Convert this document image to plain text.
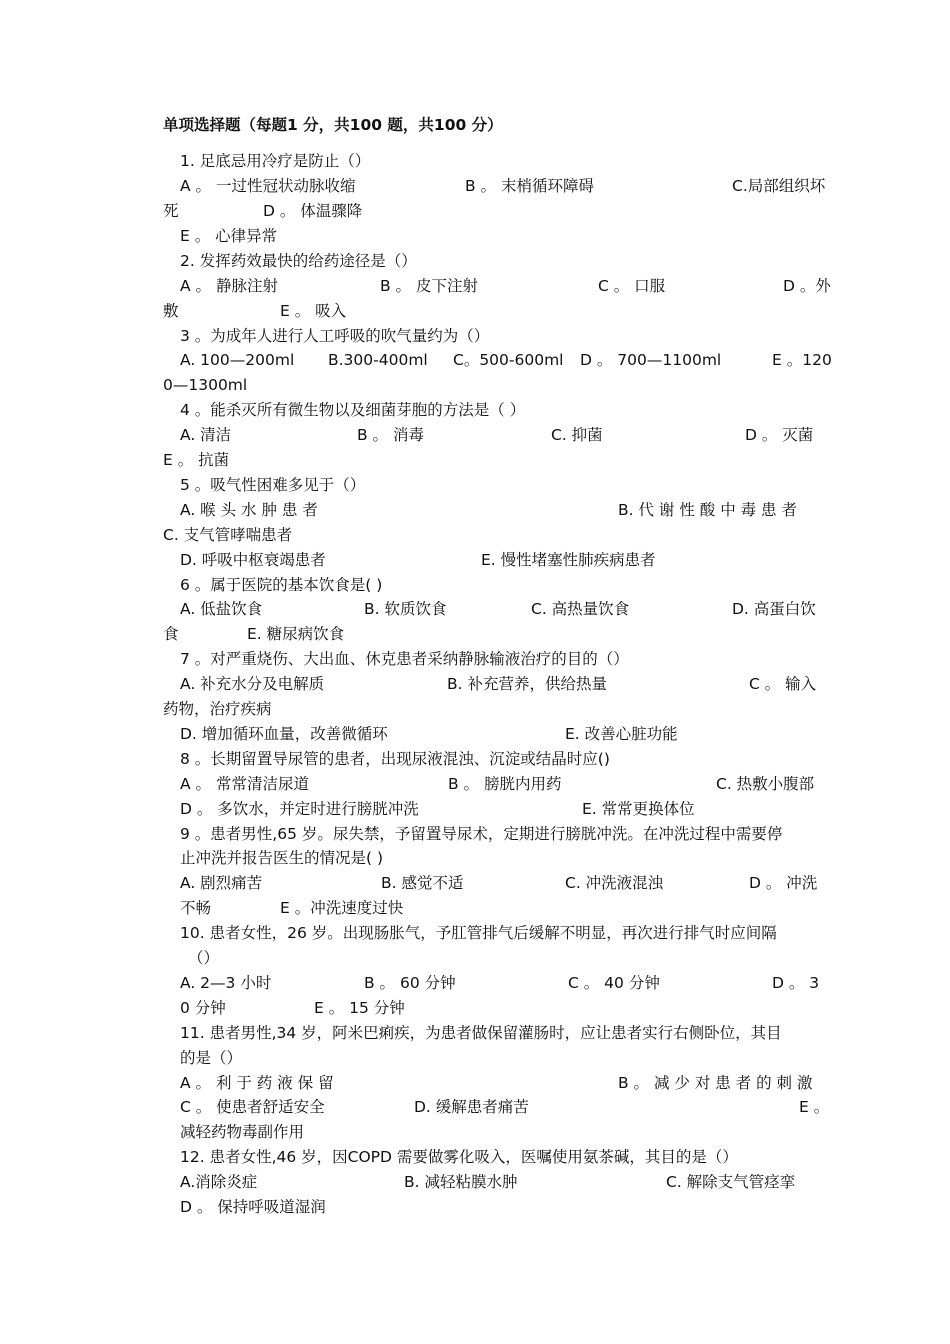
单项选择题（每题1 分，共100 题，共100 分）
1. 足底忌用冷疗是防止（）
A 。 一过性冠状动脉收缩	B 。 末梢循环障碍	C.局部组织坏
死	D 。 体温骤降
E 。 心律异常
2. 发挥药效最快的给药途径是（）
A 。 静脉注射	B 。 皮下注射	C 。 口服	D 。外
敷	E 。 吸入
3 。为成年人进行人工呼吸的吹气量约为（）
A. 100—200ml B.300-400ml C。500-600ml D 。 700—1100ml	E 。120
0—1300ml
4 。能杀灭所有微生物以及细菌芽胞的方法是（ ）
A. 清洁	B 。 消毒	C. 抑菌	D 。 灭菌
E 。 抗菌
5 。吸气性困难多见于（）
A. 喉 头 水 肿 患 者	B. 代 谢 性 酸 中 毒 患 者
C. 支气管哮喘患者
D. 呼吸中枢衰竭患者	E. 慢性堵塞性肺疾病患者
6 。属于医院的基本饮食是( )
A. 低盐饮食	B. 软质饮食	C. 高热量饮食	D. 高蛋白饮
食	E. 糖尿病饮食
7 。对严重烧伤、大出血、休克患者采纳静脉输液治疗的目的（）
A. 补充水分及电解质	B. 补充营养，供给热量	C 。 输入
药物，治疗疾病
D. 增加循环血量，改善微循环	E. 改善心脏功能
8 。长期留置导尿管的患者，出现尿液混浊、沉淀或结晶时应()
A 。 常常清洁尿道	B 。 膀胱内用药	C. 热敷小腹部
D 。 多饮水，并定时进行膀胱冲洗	E. 常常更换体位
9 。患者男性,65 岁。尿失禁，予留置导尿术，定期进行膀胱冲洗。在冲洗过程中需要停
止冲洗并报告医生的情况是( )
A. 剧烈痛苦	B. 感觉不适	C. 冲洗液混浊	D 。 冲洗
不畅	E 。冲洗速度过快
10. 患者女性，26 岁。出现肠胀气，予肛管排气后缓解不明显，再次进行排气时应间隔
（）
A. 2—3 小时	B 。 60 分钟	C 。 40 分钟	D 。 3
0 分钟	E 。 15 分钟
11. 患者男性,34 岁，阿米巴痢疾，为患者做保留灌肠时，应让患者实行右侧卧位，其目
的是（）
A 。 利 于 药 液 保 留	B 。 减 少 对 患 者 的 刺 激
C 。 使患者舒适安全	D. 缓解患者痛苦	E 。
减轻药物毒副作用
12. 患者女性,46 岁，因COPD 需要做雾化吸入，医嘱使用氨茶碱，其目的是（）
A.消除炎症	B. 减轻粘膜水肿	C. 解除支气管痉挛
D 。 保持呼吸道湿润
